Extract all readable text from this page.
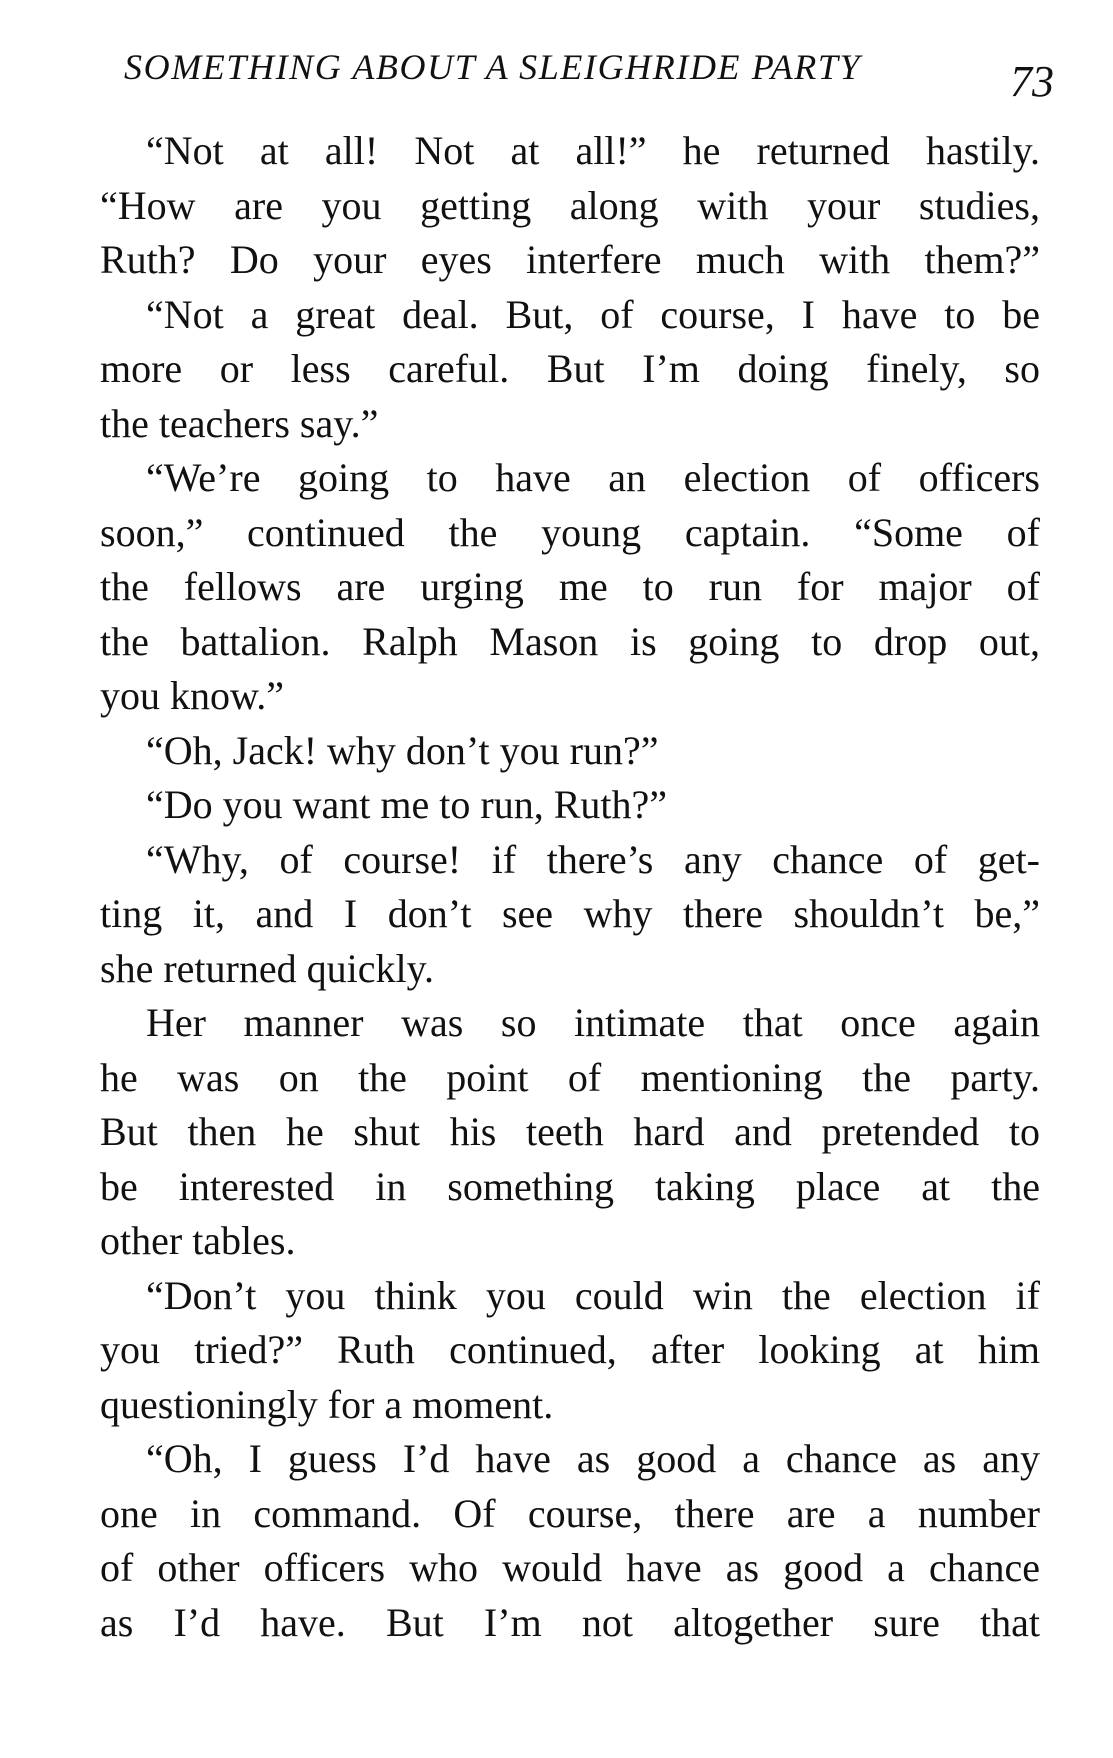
SOMETHING ABOUT A SLEIGHRIDE PARTY	73
“Not at all! Not at all!” he returned hastily.
“How are you getting along with your studies,
Ruth? Do your eyes interfere much with them?”
“Not a great deal. But, of course, I have to be
more or less careful. But I’m doing finely, so
the teachers say.”
“We’re going to have an election of officers
soon,” continued the young captain. “Some of
the fellows are urging me to run for major of
the battalion. Ralph Mason is going to drop out,
you know.”
“Oh, Jack! why don’t you run?”
“Do you want me to run, Ruth?”
“Why, of course! if there’s any chance of get-
ting it, and I don’t see why there shouldn’t be,”
she returned quickly.
Her manner was so intimate that once again
he was on the point of mentioning the party.
But then he shut his teeth hard and pretended to
be interested in something taking place at the
other tables.
“Don’t you think you could win the election if
you tried?” Ruth continued, after looking at him
questioningly for a moment.
“Oh, I guess I’d have as good a chance as any
one in command. Of course, there are a number
of other officers who would have as good a chance
as I’d have. But I’m not altogether sure that
